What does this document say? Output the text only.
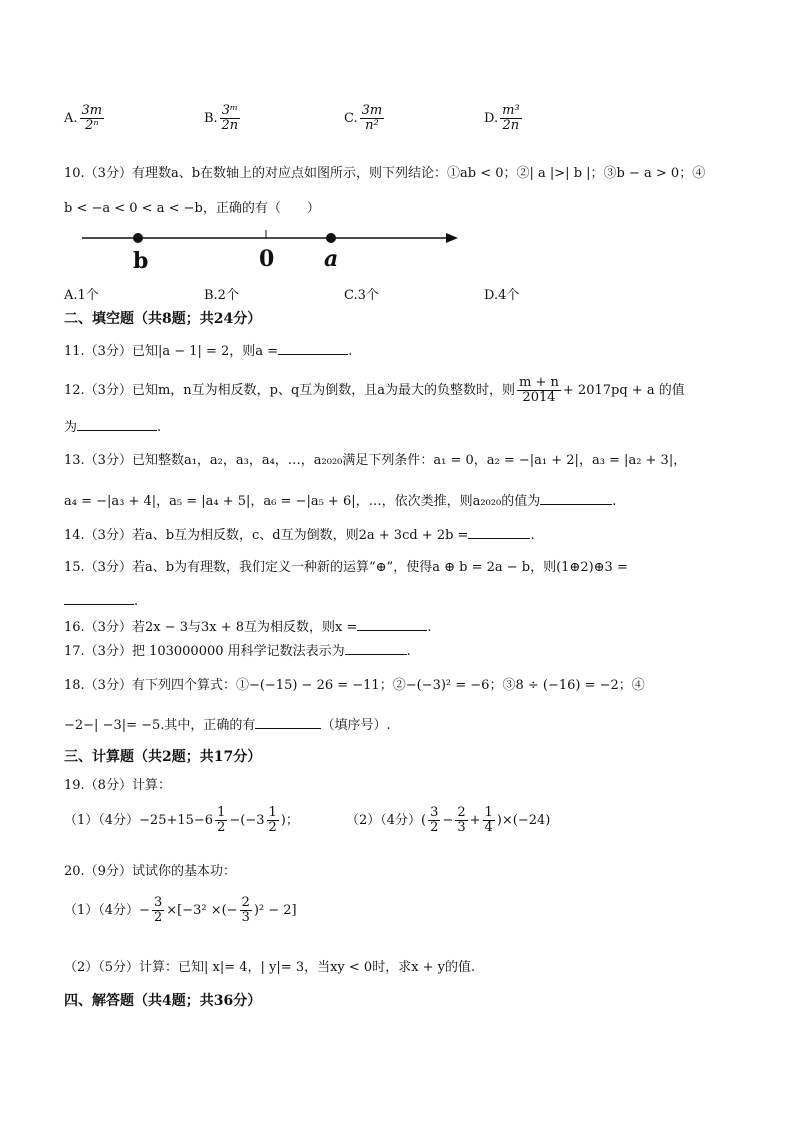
A. $\frac{3m}{\text{2ⁿ}}$	B. $\frac{\text{3ᵐ}}{2n}$	C. $\frac{3m}{\text{n²}}$	D. $\frac{\text{m³}}{2n}$
10.（3分）有理数a、b在数轴上的对应点如图所示，则下列结论：①ab < 0；②| a |>| b |；③b − a > 0；④
b < −a < 0 < a < −b，正确的有（　　）
b	0 a
A.1个	B.2个	C.3个	D.4个
二、填空题（共8题；共24分）
11.（3分）已知|a − 1| = 2，则a =	.
12.（3分）已知m，n互为相反数，p、q互为倒数，且a为最大的负整数时，则 $\frac{m + n}{2014} + 2017pq + a$ 的值
为	.
13.（3分）已知整数a₁，a₂，a₃，a₄，…，a₂₀₂₀满足下列条件：a₁ = 0，a₂ = −|a₁ + 2|，a₃ = |a₂ + 3|，
a₄ = −|a₃ + 4|，a₅ = |a₄ + 5|，a₆ = −|a₅ + 6|，…，依次类推，则a₂₀₂₀的值为	.
14.（3分）若a、b互为相反数，c、d互为倒数，则2a + 3cd + 2b =	.
15.（3分）若a、b为有理数，我们定义一种新的运算“⊕”，使得a ⊕ b = 2a − b，则(1⊕2)⊕3 =
.
16.（3分）若2x − 3与3x + 8互为相反数，则x =	.
17.（3分）把 103000000 用科学记数法表示为	.
18.（3分）有下列四个算式：①−(−15) − 26 = −11；②−(−3)² = −6；③8 ÷ (−16) = −2；④
−2−| −3|= −5.其中，正确的有	（填序号）.
三、计算题（共2题；共17分）
19.（8分）计算：
（1）（4分）$-25+15-6 \frac{1}{2} -(-3 \frac{1}{2}$ )；	（2）（4分）( $\frac{3}{2} - \frac{2}{3} + \frac{1}{4} )\times(-24)$
20.（9分）试试你的基本功：
（1）（4分）− $\frac{3}{2} \times[-3^2$ ×(− $\frac{2}{3} )^2 - 2$]
（2）（5分）计算：已知| x|= 4，| y|= 3，当xy < 0时，求x + y的值.
四、解答题（共4题；共36分）
